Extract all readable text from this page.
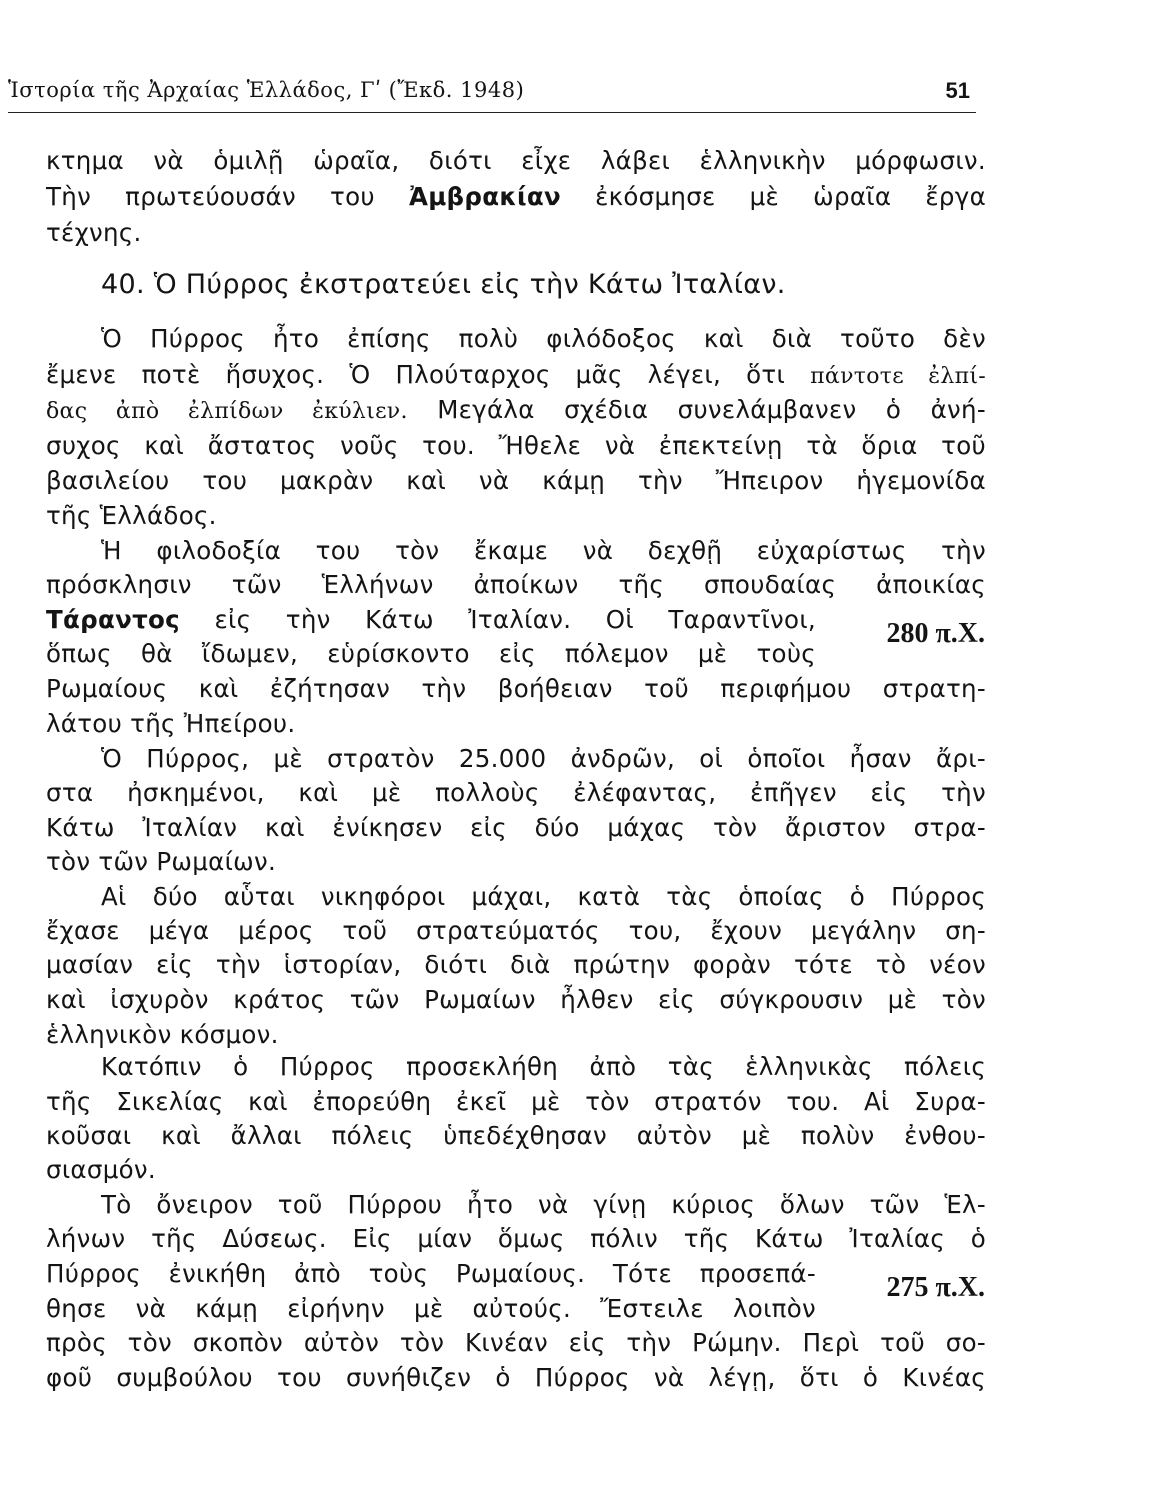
Ἱστορία τῆς Ἀρχαίας Ἑλλάδος, Γʹ (Ἔκδ. 1948)	51
κτημα νὰ ὁμιλῇ ὡραῖα, διότι εἶχε λάβει ἑλληνικὴν μόρφωσιν.
Τὴν πρωτεύουσάν του Ἀμβρακίαν ἐκόσμησε μὲ ὡραῖα ἔργα
τέχνης.
40. Ὁ Πύρρος ἐκστρατεύει εἰς τὴν Κάτω Ἰταλίαν.
Ὁ Πύρρος ἦτο ἐπίσης πολὺ φιλόδοξος καὶ διὰ τοῦτο δὲν
ἔμενε ποτὲ ἥσυχος. Ὁ Πλούταρχος μᾶς λέγει, ὅτι πάντοτε ἐλπί-
δας ἀπὸ ἐλπίδων ἐκύλιεν. Μεγάλα σχέδια συνελάμβανεν ὁ ἀνή-
συχος καὶ ἄστατος νοῦς του. Ἤθελε νὰ ἐπεκτείνῃ τὰ ὅρια τοῦ
βασιλείου του μακρὰν καὶ νὰ κάμῃ τὴν Ἤπειρον ἡγεμονίδα
τῆς Ἑλλάδος.
Ἡ φιλοδοξία του τὸν ἔκαμε νὰ δεχθῇ εὐχαρίστως τὴν
πρόσκλησιν τῶν Ἑλλήνων ἀποίκων τῆς σπουδαίας ἀποικίας
Τάραντος εἰς τὴν Κάτω Ἰταλίαν. Οἱ Ταραντῖνοι,
ὅπως θὰ ἴδωμεν, εὑρίσκοντο εἰς πόλεμον μὲ τοὺς
280 π.Χ.
Ρωμαίους καὶ ἐζήτησαν τὴν βοήθειαν τοῦ περιφήμου στρατη-
λάτου τῆς Ἠπείρου.
Ὁ Πύρρος, μὲ στρατὸν 25.000 ἀνδρῶν, οἱ ὁποῖοι ἦσαν ἄρι-
στα ἠσκημένοι, καὶ μὲ πολλοὺς ἐλέφαντας, ἐπῆγεν εἰς τὴν
Κάτω Ἰταλίαν καὶ ἐνίκησεν εἰς δύο μάχας τὸν ἄριστον στρα-
τὸν τῶν Ρωμαίων.
Αἱ δύο αὗται νικηφόροι μάχαι, κατὰ τὰς ὁποίας ὁ Πύρρος
ἔχασε μέγα μέρος τοῦ στρατεύματός του, ἔχουν μεγάλην ση-
μασίαν εἰς τὴν ἱστορίαν, διότι διὰ πρώτην φορὰν τότε τὸ νέον
καὶ ἰσχυρὸν κράτος τῶν Ρωμαίων ἦλθεν εἰς σύγκρουσιν μὲ τὸν
ἑλληνικὸν κόσμον.
Κατόπιν ὁ Πύρρος προσεκλήθη ἀπὸ τὰς ἑλληνικὰς πόλεις
τῆς Σικελίας καὶ ἐπορεύθη ἐκεῖ μὲ τὸν στρατόν του. Αἱ Συρα-
κοῦσαι καὶ ἄλλαι πόλεις ὑπεδέχθησαν αὐτὸν μὲ πολὺν ἐνθου-
σιασμόν.
Τὸ ὄνειρον τοῦ Πύρρου ἦτο νὰ γίνῃ κύριος ὅλων τῶν Ἑλ-
λήνων τῆς Δύσεως. Εἰς μίαν ὅμως πόλιν τῆς Κάτω Ἰταλίας ὁ
Πύρρος ἐνικήθη ἀπὸ τοὺς Ρωμαίους. Τότε προσεπά-
θησε νὰ κάμῃ εἰρήνην μὲ αὐτούς. Ἔστειλε λοιπὸν
275 π.Χ.
πρὸς τὸν σκοπὸν αὐτὸν τὸν Κινέαν εἰς τὴν Ρώμην. Περὶ τοῦ σο-
φοῦ συμβούλου του συνήθιζεν ὁ Πύρρος νὰ λέγῃ, ὅτι ὁ Κινέας
